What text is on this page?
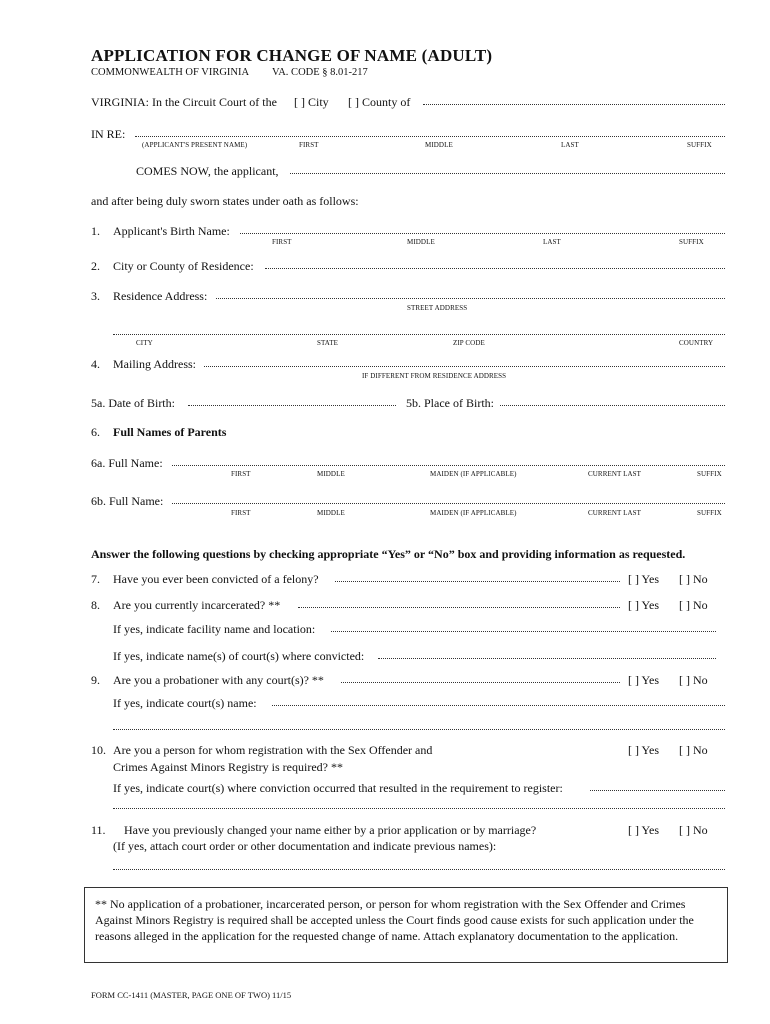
APPLICATION FOR CHANGE OF NAME (ADULT)
COMMONWEALTH OF VIRGINIA VA. CODE § 8.01-217
VIRGINIA: In the Circuit Court of the [ ] City [ ] County of
IN RE:
(APPLICANT'S PRESENT NAME)	FIRST	MIDDLE	LAST	SUFFIX
COMES NOW, the applicant,
and after being duly sworn states under oath as follows:
1. Applicant's Birth Name:
FIRST	MIDDLE	LAST	SUFFIX
2. City or County of Residence:
3. Residence Address:
STREET ADDRESS
CITY	STATE	ZIP CODE	COUNTRY
4. Mailing Address:
IF DIFFERENT FROM RESIDENCE ADDRESS
5a. Date of Birth:	5b. Place of Birth:
6. Full Names of Parents
6a. Full Name:
FIRST	MIDDLE	MAIDEN (IF APPLICABLE)	CURRENT LAST	SUFFIX
6b. Full Name:
FIRST	MIDDLE	MAIDEN (IF APPLICABLE)	CURRENT LAST	SUFFIX
Answer the following questions by checking appropriate “Yes” or “No” box and providing information as requested.
7. Have you ever been convicted of a felony?	[ ] Yes [ ] No
8. Are you currently incarcerated? **	[ ] Yes [ ] No
If yes, indicate facility name and location:
If yes, indicate name(s) of court(s) where convicted:
9. Are you a probationer with any court(s)? **	[ ] Yes [ ] No
If yes, indicate court(s) name:
10. Are you a person for whom registration with the Sex Offender and	[ ] Yes [ ] No
Crimes Against Minors Registry is required? **
If yes, indicate court(s) where conviction occurred that resulted in the requirement to register:
11. Have you previously changed your name either by a prior application or by marriage?	[ ] Yes [ ] No
(If yes, attach court order or other documentation and indicate previous names):
** No application of a probationer, incarcerated person, or person for whom registration with the Sex Offender and Crimes Against Minors Registry is required shall be accepted unless the Court finds good cause exists for such application under the reasons alleged in the application for the requested change of name. Attach explanatory documentation to the application.
FORM CC-1411 (MASTER, PAGE ONE OF TWO) 11/15
